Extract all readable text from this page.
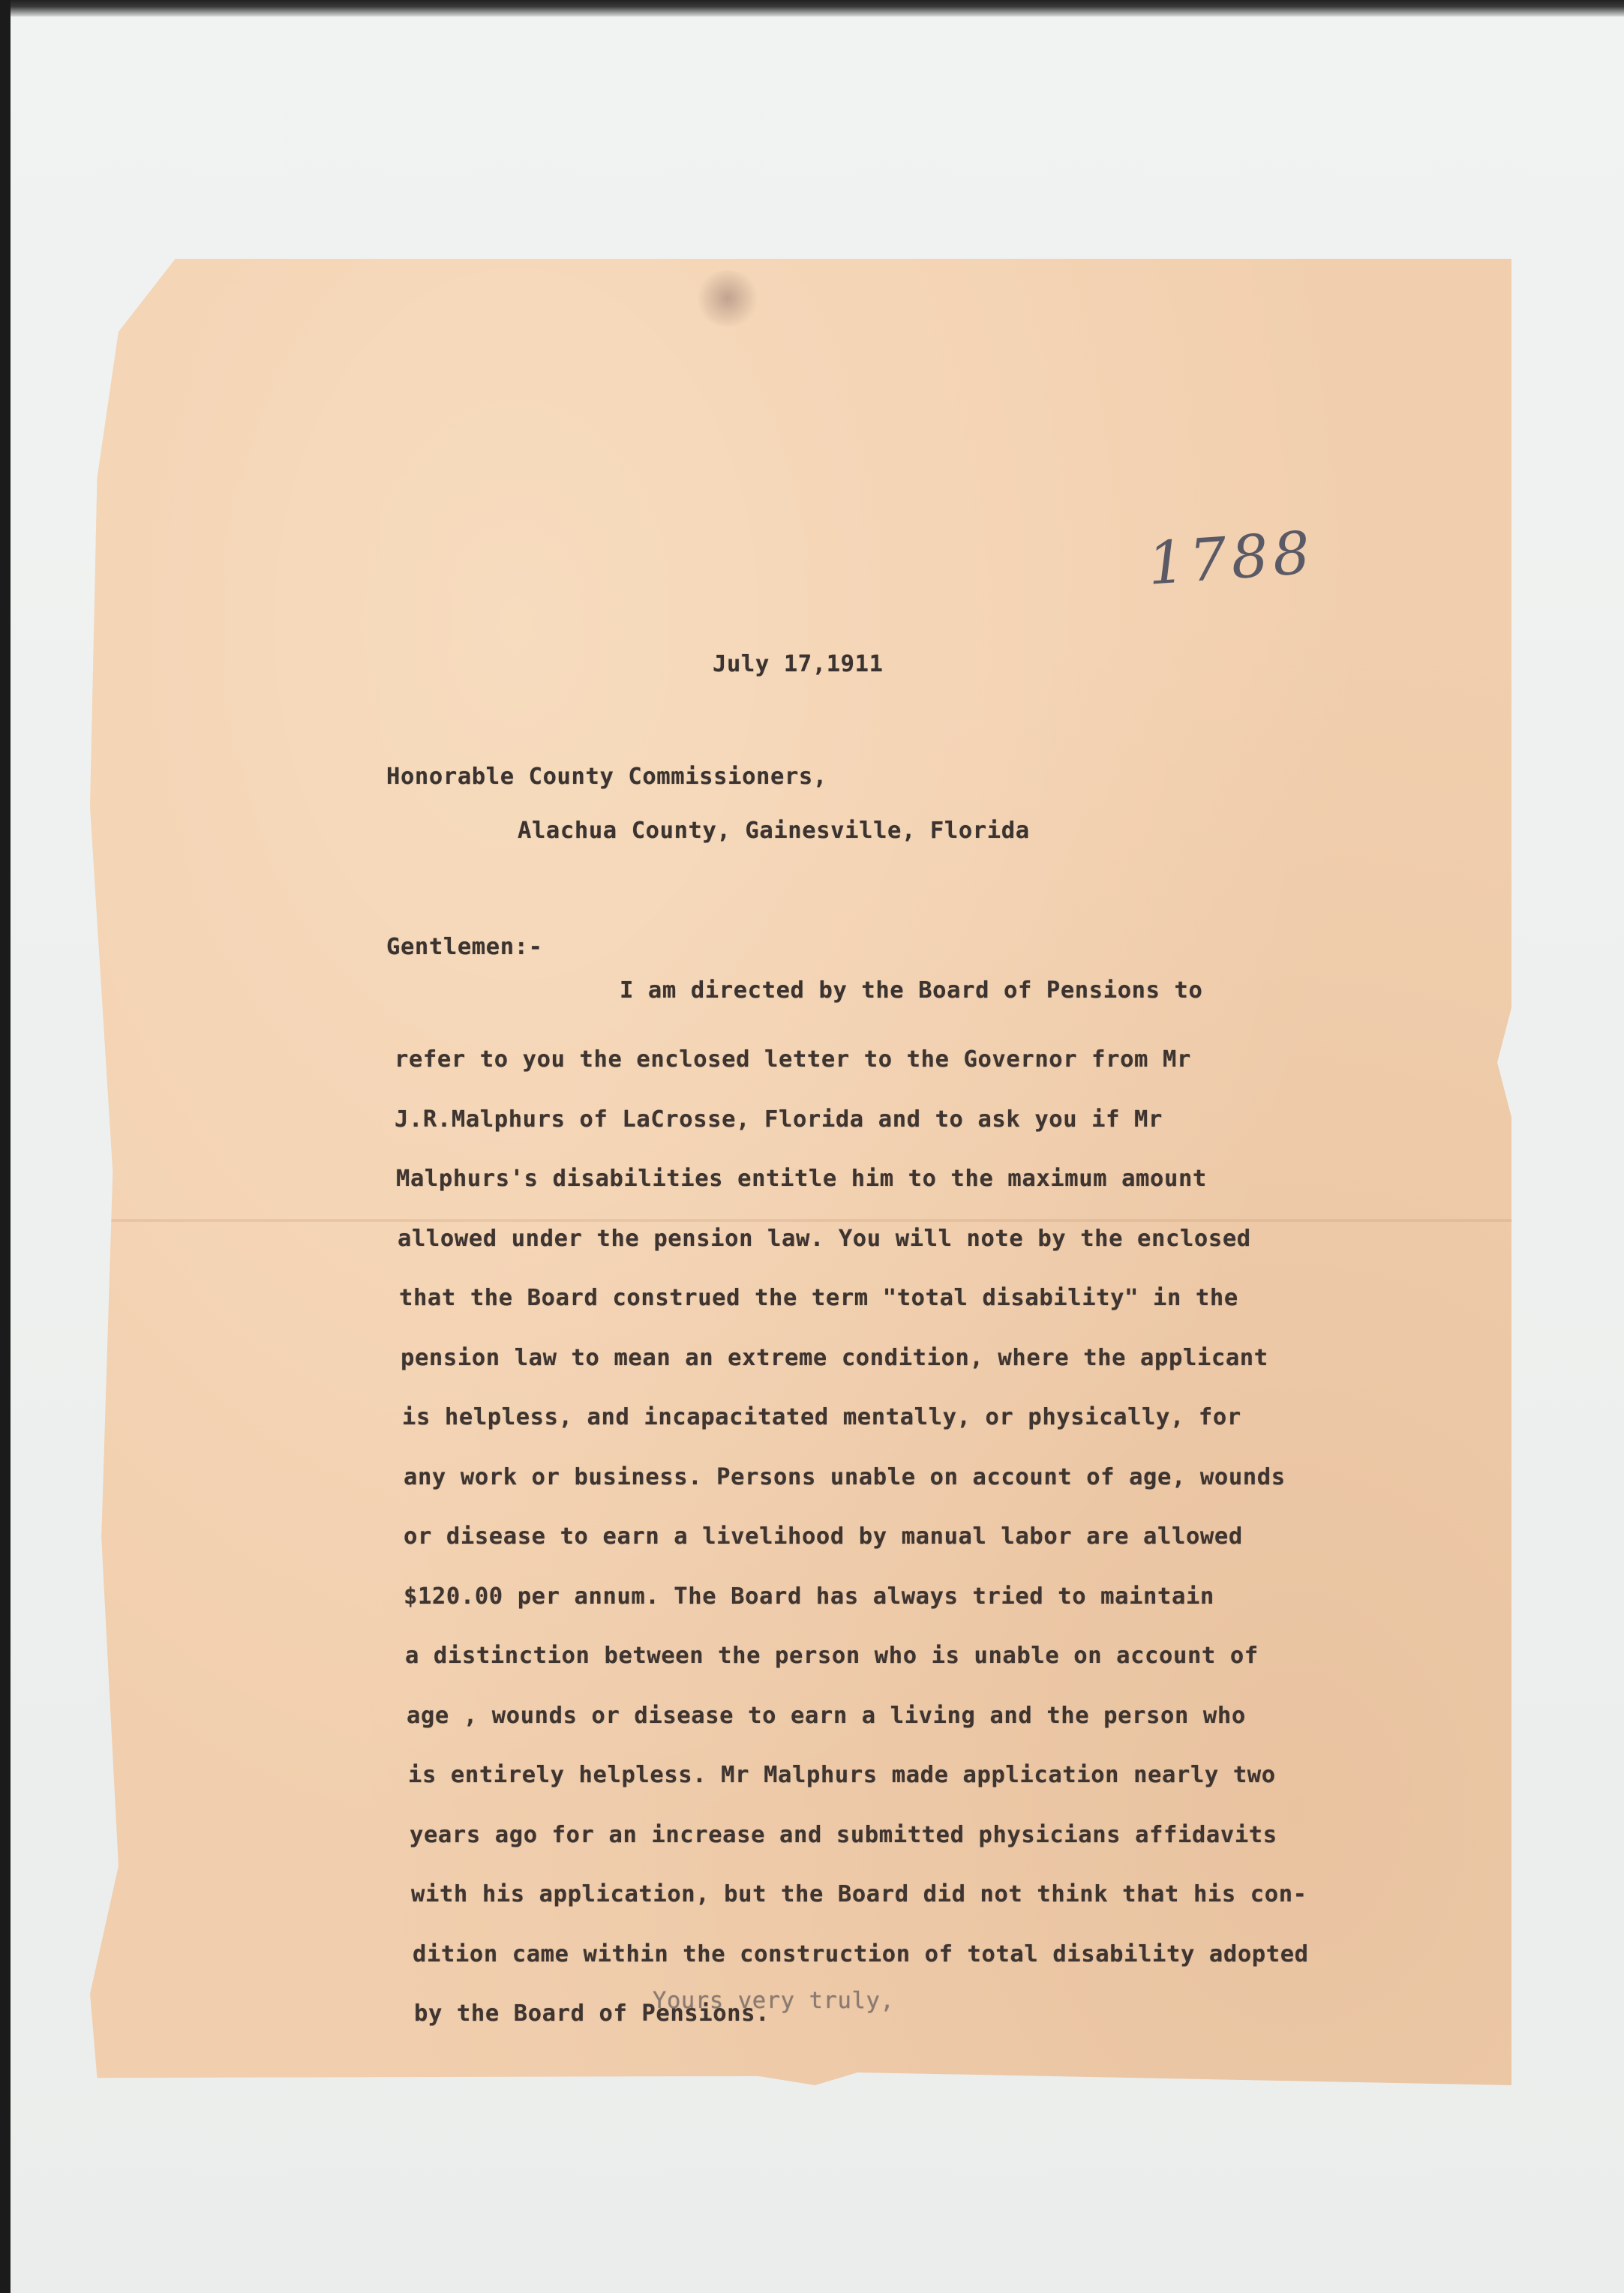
1788
July 17,1911
Honorable County Commissioners,
Alachua County, Gainesville, Florida
Gentlemen:-
I am directed by the Board of Pensions to
refer to you the enclosed letter to the Governor from Mr
J.R.Malphurs of LaCrosse, Florida and to ask you if Mr
Malphurs's disabilities entitle him to the maximum amount
allowed under the pension law. You will note by the enclosed
that the Board construed the term "total disability" in the
pension law to mean an extreme condition, where the applicant
is helpless, and incapacitated mentally, or physically, for
any work or business. Persons unable on account of age, wounds
or disease to earn a livelihood by manual labor are allowed
$120.00 per annum. The Board has always tried to maintain
a distinction between the person who is unable on account of
age , wounds or disease to earn a living and the person who
is entirely helpless. Mr Malphurs made application nearly two
years ago for an increase and submitted physicians affidavits
with his application, but the Board did not think that his con-
dition came within the construction of total disability adopted
by the Board of Pensions.
Yours very truly,
